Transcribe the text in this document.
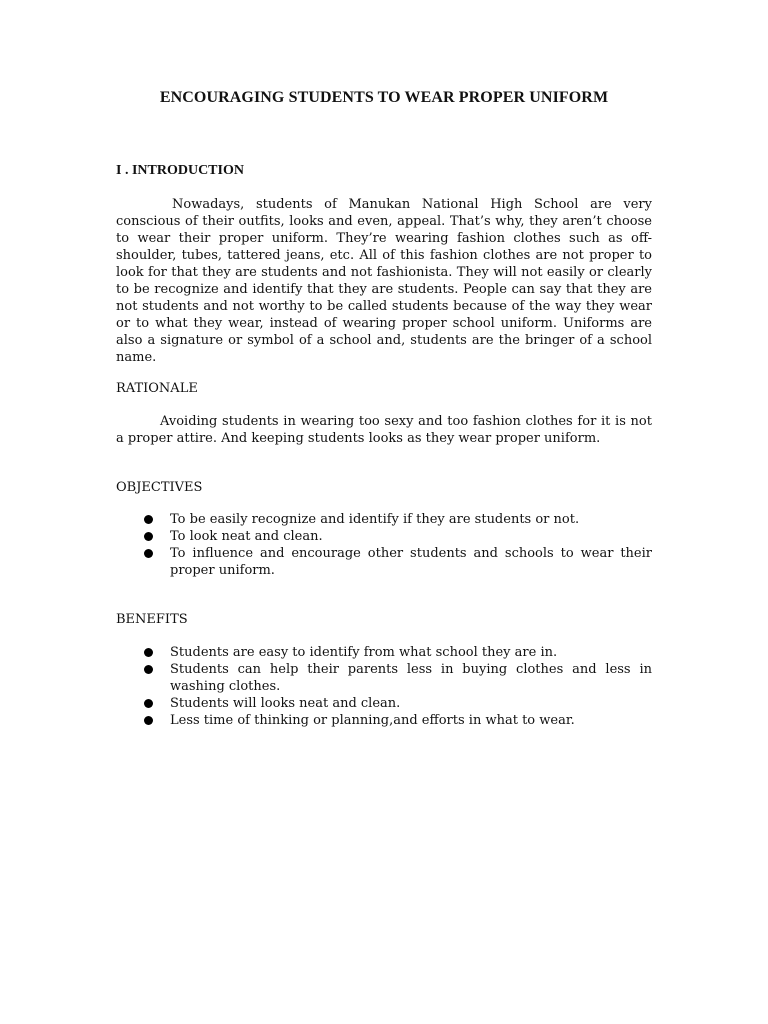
ENCOURAGING STUDENTS TO WEAR PROPER UNIFORM
I . INTRODUCTION

Nowadays, students of Manukan National High School are very conscious of their outfits, looks and even, appeal. That’s why, they aren’t choose to wear their proper uniform. They’re wearing fashion clothes such as off-shoulder, tubes, tattered jeans, etc. All of this fashion clothes are not proper to look for that they are students and not fashionista. They will not easily or clearly to be recognize and identify that they are students. People can say that they are not students and not worthy to be called students because of the way they wear or to what they wear, instead of wearing proper school uniform. Uniforms are also a signature or symbol of a school and, students are the bringer of a school name.

RATIONALE

Avoiding students in wearing too sexy and too fashion clothes for it is not a proper attire. And keeping students looks as they wear proper uniform.

OBJECTIVES
To be easily recognize and identify if they are students or not.
To look neat and clean.
To influence and encourage other students and schools to wear their proper uniform.
BENEFITS
Students are easy to identify from what school they are in.
Students can help their parents less in buying clothes and less in washing clothes.
Students will looks neat and clean.
Less time of thinking or planning,and efforts in what to wear.
